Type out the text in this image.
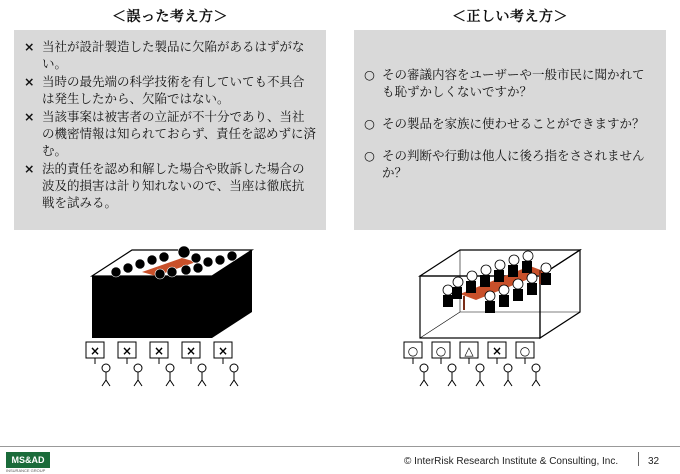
＜誤った考え方＞	＜正しい考え方＞
× 当社が設計製造した製品に欠陥があるはずがない。
× 当時の最先端の科学技術を有していても不具合は発生したから、欠陥ではない。
× 当該事案は被害者の立証が不十分であり、当社の機密情報は知られておらず、責任を認めずに済む。
× 法的責任を認め和解した場合や敗訴した場合の波及的損害は計り知れないので、当座は徹底抗戦を試みる。
○ その審議内容をユーザーや一般市民に聞かれても恥ずかしくないですか？
○ その製品を家族に使わせることができますか？
○ その判断や行動は他人に後ろ指をさされませんか？
× × × × ×	○ ○ △ × ○
MS&AD
INSURANCE GROUP
© InterRisk Research Institute & Consulting, Inc.	32
